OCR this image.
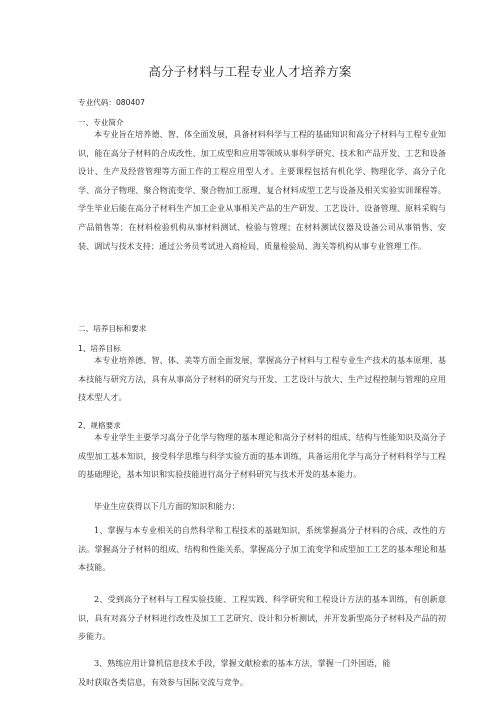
高分子材料与工程专业人才培养方案
专业代码：080407
一、专业简介
本专业旨在培养德、智、体全面发展，具备材料科学与工程的基础知识和高分子材料与工程专业知识，能在高分子材料的合成改性、加工成型和应用等领域从事科学研究、技术和产品开发、工艺和设备设计、生产及经营管理等方面工作的工程应用型人才。主要课程包括有机化学、物理化学、高分子化学、高分子物理、聚合物流变学、聚合物加工原理、复合材料成型工艺与设备及相关实验实训课程等。学生毕业后能在高分子材料生产加工企业从事相关产品的生产研发、工艺设计、设备管理、原料采购与产品销售等；在材料检验机构从事材料测试、检验与管理；在材料测试仪器及设备公司从事销售、安装、调试与技术支持；通过公务员考试进入商检局、质量检验局、海关等机构从事专业管理工作。
二、培养目标和要求
1、培养目标
本专业培养德、智、体、美等方面全面发展，掌握高分子材料与工程专业生产技术的基本原理、基本技能与研究方法，具有从事高分子材料的研究与开发、工艺设计与放大、生产过程控制与管理的应用技术型人才。
2、规格要求
本专业学生主要学习高分子化学与物理的基本理论和高分子材料的组成、结构与性能知识及高分子成型加工基本知识，接受科学思维与科学实验方面的基本训练，具备运用化学与高分子材料科学与工程的基础理论，基本知识和实验技能进行高分子材料研究与技术开发的基本能力。
毕业生应获得以下几方面的知识和能力：
1、掌握与本专业相关的自然科学和工程技术的基础知识，系统掌握高分子材料的合成、改性的方法。掌握高分子材料的组成、结构和性能关系，掌握高分子加工流变学和成型加工工艺的基本理论和基本技能。
2、受到高分子材料与工程实验技能、工程实践、科学研究和工程设计方法的基本训练，有创新意识，具有对高分子材料进行改性及加工工艺研究、设计和分析测试，并开发新型高分子材料及产品的初步能力。
3、熟练应用计算机信息技术手段，掌握文献检索的基本方法，掌握一门外国语，能
及时获取各类信息，有效参与国际交流与竞争。
